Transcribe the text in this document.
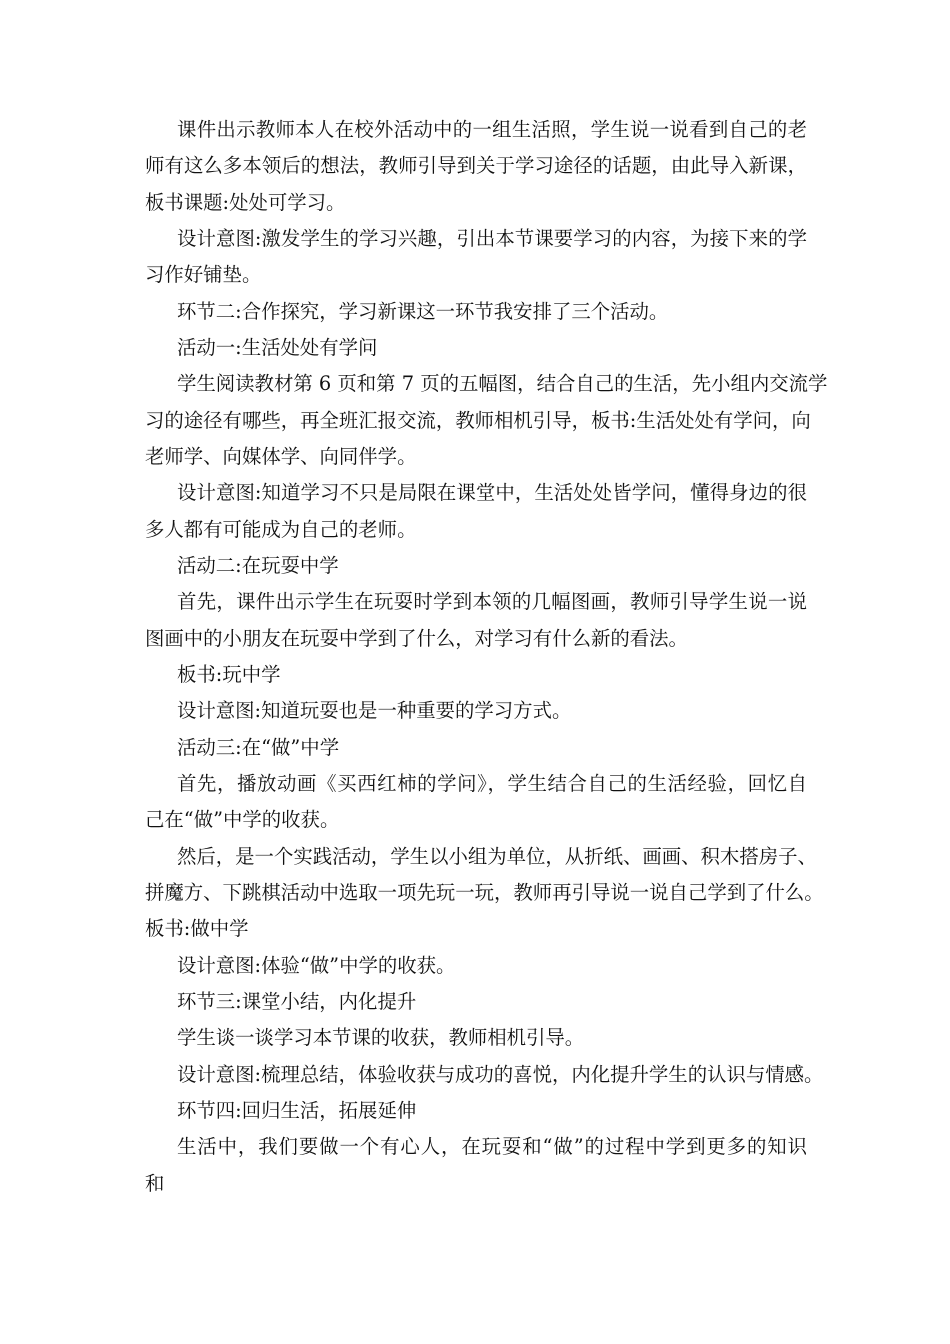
课件出示教师本人在校外活动中的一组生活照，学生说一说看到自己的老
师有这么多本领后的想法，教师引导到关于学习途径的话题，由此导入新课，
板书课题:处处可学习。
设计意图:激发学生的学习兴趣，引出本节课要学习的内容，为接下来的学
习作好铺垫。
环节二:合作探究，学习新课这一环节我安排了三个活动。
活动一:生活处处有学问
学生阅读教材第 6 页和第 7 页的五幅图，结合自己的生活，先小组内交流学
习的途径有哪些，再全班汇报交流，教师相机引导，板书:生活处处有学问，向
老师学、向媒体学、向同伴学。
设计意图:知道学习不只是局限在课堂中，生活处处皆学问，懂得身边的很
多人都有可能成为自己的老师。
活动二:在玩耍中学
首先，课件出示学生在玩耍时学到本领的几幅图画，教师引导学生说一说
图画中的小朋友在玩耍中学到了什么，对学习有什么新的看法。
板书:玩中学
设计意图:知道玩耍也是一种重要的学习方式。
活动三:在“做”中学
首先，播放动画《买西红柿的学问》，学生结合自己的生活经验，回忆自
己在“做”中学的收获。
然后，是一个实践活动，学生以小组为单位，从折纸、画画、积木搭房子、
拼魔方、下跳棋活动中选取一项先玩一玩，教师再引导说一说自己学到了什么。
板书:做中学
设计意图:体验“做”中学的收获。
环节三:课堂小结，内化提升
学生谈一谈学习本节课的收获，教师相机引导。
设计意图:梳理总结，体验收获与成功的喜悦，内化提升学生的认识与情感。
环节四:回归生活，拓展延伸
生活中，我们要做一个有心人，在玩耍和“做”的过程中学到更多的知识
和
